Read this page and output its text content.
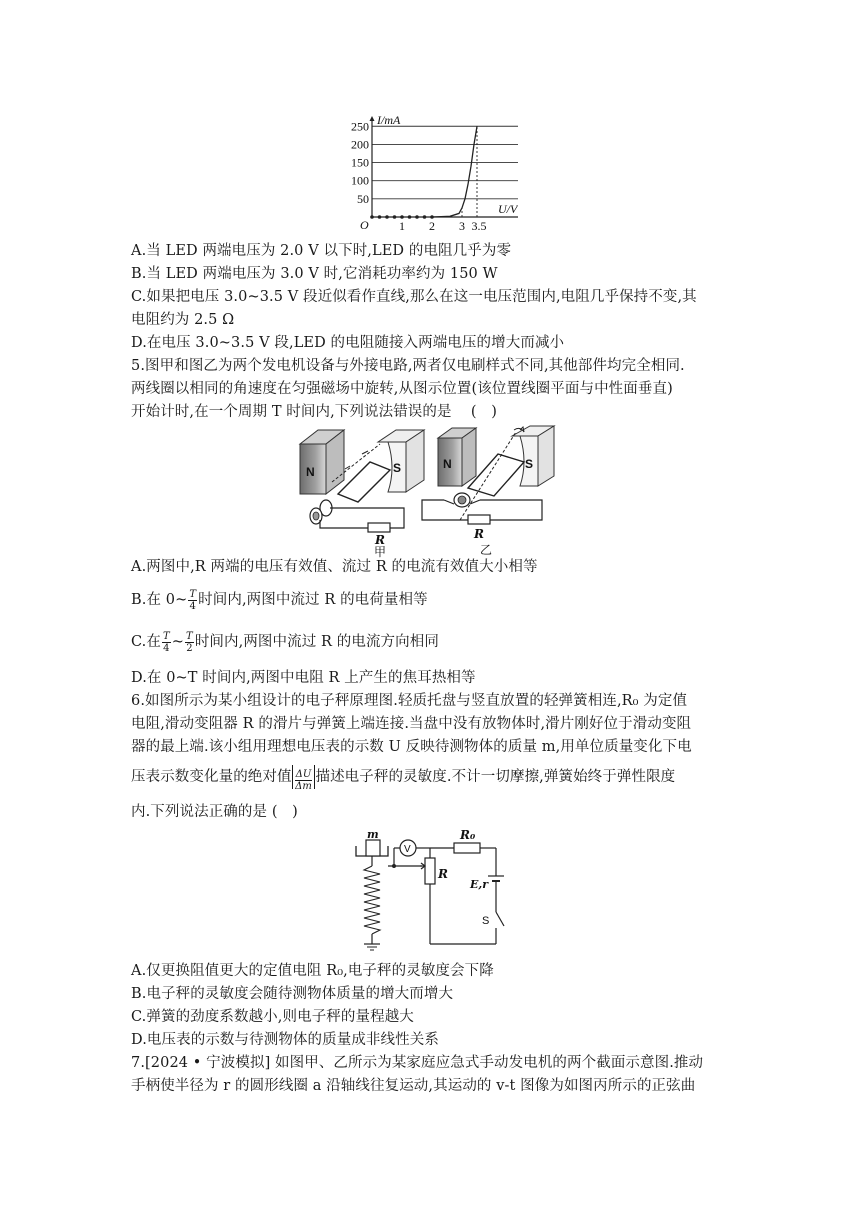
50
100
150
200
250 I/mA
U/V
O	1 2 3 3.5
A.当 LED 两端电压为 2.0 V 以下时,LED 的电阻几乎为零
B.当 LED 两端电压为 3.0 V 时,它消耗功率约为 150 W
C.如果把电压 3.0~3.5 V 段近似看作直线,那么在这一电压范围内,电阻几乎保持不变,其
电阻约为 2.5 Ω
D.在电压 3.0~3.5 V 段,LED 的电阻随接入两端电压的增大而减小
5.图甲和图乙为两个发电机设备与外接电路,两者仅电刷样式不同,其他部件均完全相同.
两线圈以相同的角速度在匀强磁场中旋转,从图示位置(该位置线圈平面与中性面垂直)
开始计时,在一个周期 T 时间内,下列说法错误的是　 (　)
N	S
R
甲
N	S
R
乙
A.两图中,R 两端的电压有效值、流过 R 的电流有效值大小相等
B.在 0~ $\frac{T}{4}$ 时间内,两图中流过 R 的电荷量相等
C.在 $\frac{T}{4}$ ~ $\frac{T}{2}$ 时间内,两图中流过 R 的电流方向相同
D.在 0~T 时间内,两图中电阻 R 上产生的焦耳热相等
6.如图所示为某小组设计的电子秤原理图.轻质托盘与竖直放置的轻弹簧相连,R₀ 为定值
电阻,滑动变阻器 R 的滑片与弹簧上端连接.当盘中没有放物体时,滑片刚好位于滑动变阻
器的最上端.该小组用理想电压表的示数 U 反映待测物体的质量 m,用单位质量变化下电
压表示数变化量的绝对值 $\frac{\Delta U}{\Delta m}$ 描述电子秤的灵敏度.不计一切摩擦,弹簧始终于弹性限度
内.下列说法正确的是 (　)
m
V
R
R₀
E,r
S
A.仅更换阻值更大的定值电阻 R₀,电子秤的灵敏度会下降
B.电子秤的灵敏度会随待测物体质量的增大而增大
C.弹簧的劲度系数越小,则电子秤的量程越大
D.电压表的示数与待测物体的质量成非线性关系
7.[2024 • 宁波模拟] 如图甲、乙所示为某家庭应急式手动发电机的两个截面示意图.推动
手柄使半径为 r 的圆形线圈 a 沿轴线往复运动,其运动的 v-t 图像为如图丙所示的正弦曲
